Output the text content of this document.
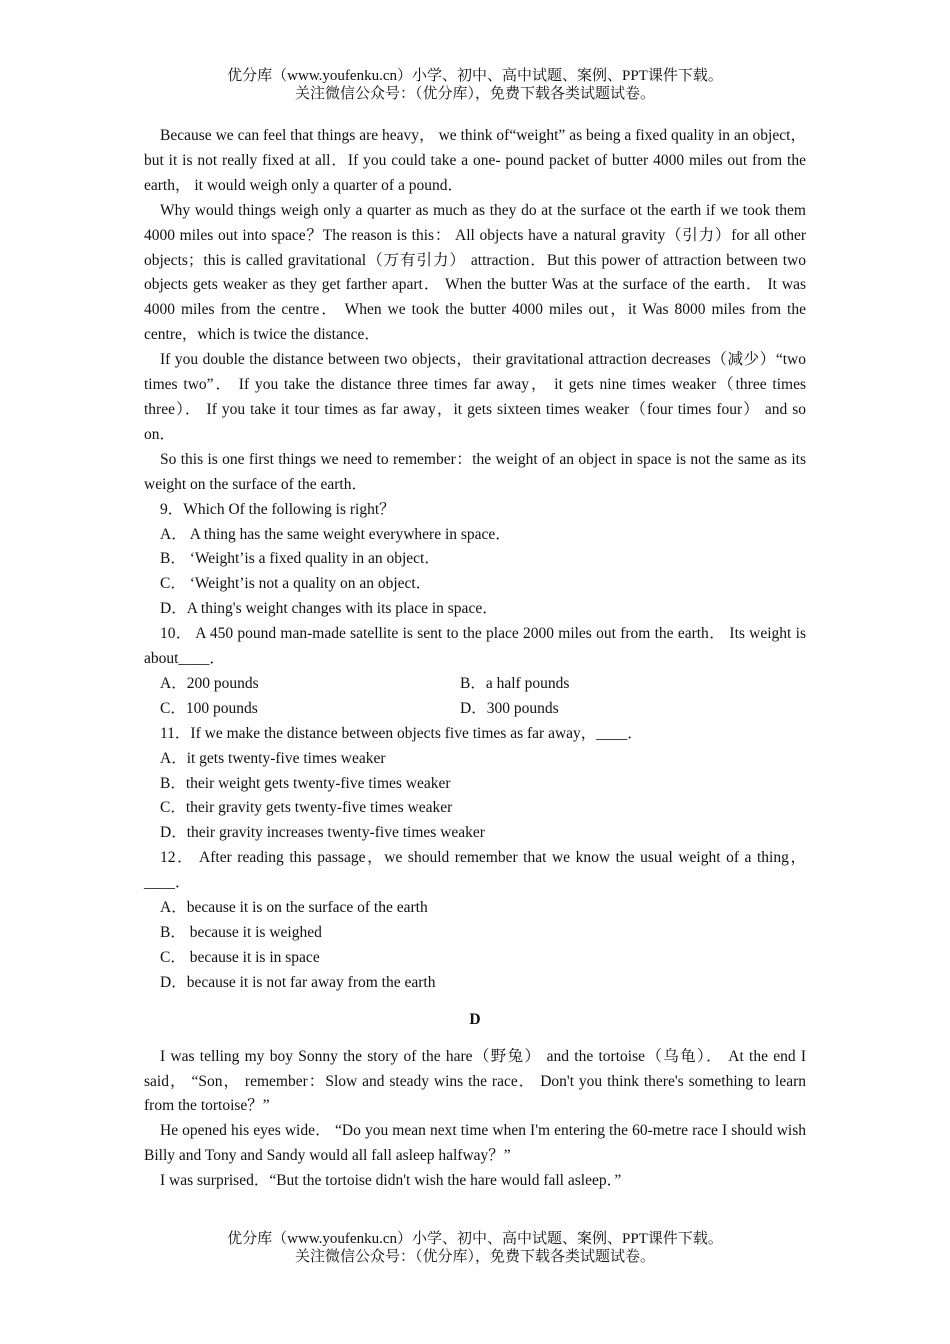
优分库（www.youfenku.cn）小学、初中、高中试题、案例、PPT课件下载。
关注微信公众号：（优分库），免费下载各类试题试卷。

Because we can feel that things are heavy， we think of“weight” as being a fixed quality in an object， but it is not really fixed at all．If you could take a one- pound packet of butter 4000 miles out from the earth， it would weigh only a quarter of a pound．

Why would things weigh only a quarter as much as they do at the surface ot the earth if we took them 4000 miles out into space？The reason is this： All objects have a natural gravity（引力）for all other objects；this is called gravitational（万有引力） attraction．But this power of attraction between two objects gets weaker as they get farther apart． When the butter Was at the surface of the earth． It was 4000 miles from the centre． When we took the butter 4000 miles out，it Was 8000 miles from the centre，which is twice the distance．

If you double the distance between two objects，their gravitational attraction decreases（减少）“two times two”． If you take the distance three times far away， it gets nine times weaker（three times three）． If you take it tour times as far away，it gets sixteen times weaker（four times four） and so on．

So this is one first things we need to remember：the weight of an object in space is not the same as its weight on the surface of the earth．

9．Which Of the following is right？

A． A thing has the same weight everywhere in space．

B． ‘Weight’is a fixed quality in an object．

C． ‘Weight’is not a quality on an object．

D．A thing's weight changes with its place in space．

10． A 450 pound man-made satellite is sent to the place 2000 miles out from the earth． Its weight is about____．

A．200 pounds	B．a half pounds
C．100 pounds	D．300 pounds

11．If we make the distance between objects five times as far away，____．

A．it gets twenty-five times weaker

B．their weight gets twenty-five times weaker

C．their gravity gets twenty-five times weaker

D．their gravity increases twenty-five times weaker

12． After reading this passage，we should remember that we know the usual weight of a thing，____．

A．because it is on the surface of the earth

B． because it is weighed

C． because it is in space

D．because it is not far away from the earth

D

I was telling my boy Sonny the story of the hare（野兔） and the tortoise（乌龟）． At the end I said， “Son， remember：Slow and steady wins the race． Don't you think there's something to learn from the tortoise？”

He opened his eyes wide． “Do you mean next time when I'm entering the 60-metre race I should wish Billy and Tony and Sandy would all fall asleep halfway？”

I was surprised．“But the tortoise didn't wish the hare would fall asleep．”

优分库（www.youfenku.cn）小学、初中、高中试题、案例、PPT课件下载。
关注微信公众号：（优分库），免费下载各类试题试卷。
